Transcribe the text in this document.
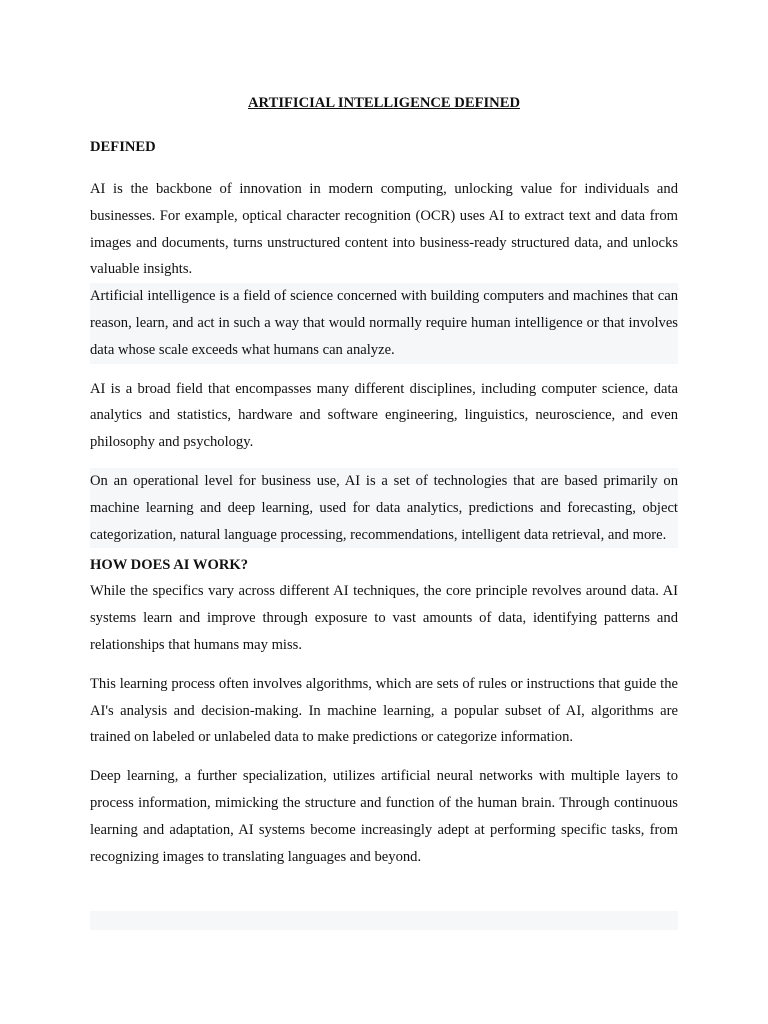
ARTIFICIAL INTELLIGENCE DEFINED
DEFINED

AI is the backbone of innovation in modern computing, unlocking value for individuals and businesses. For example, optical character recognition (OCR) uses AI to extract text and data from images and documents, turns unstructured content into business-ready structured data, and unlocks valuable insights.

Artificial intelligence is a field of science concerned with building computers and machines that can reason, learn, and act in such a way that would normally require human intelligence or that involves data whose scale exceeds what humans can analyze.

AI is a broad field that encompasses many different disciplines, including computer science, data analytics and statistics, hardware and software engineering, linguistics, neuroscience, and even philosophy and psychology.

On an operational level for business use, AI is a set of technologies that are based primarily on machine learning and deep learning, used for data analytics, predictions and forecasting, object categorization, natural language processing, recommendations, intelligent data retrieval, and more.

HOW DOES AI WORK?

While the specifics vary across different AI techniques, the core principle revolves around data. AI systems learn and improve through exposure to vast amounts of data, identifying patterns and relationships that humans may miss.

This learning process often involves algorithms, which are sets of rules or instructions that guide the AI's analysis and decision-making. In machine learning, a popular subset of AI, algorithms are trained on labeled or unlabeled data to make predictions or categorize information.

Deep learning, a further specialization, utilizes artificial neural networks with multiple layers to process information, mimicking the structure and function of the human brain. Through continuous learning and adaptation, AI systems become increasingly adept at performing specific tasks, from recognizing images to translating languages and beyond.
